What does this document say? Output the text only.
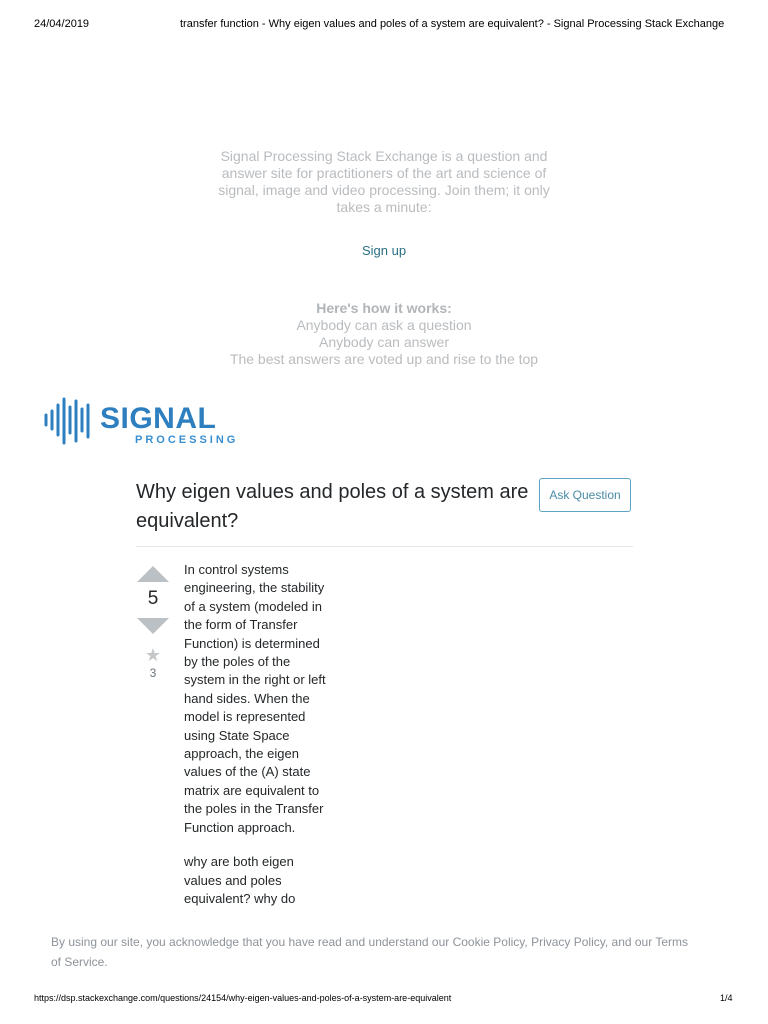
24/04/2019	transfer function - Why eigen values and poles of a system are equivalent? - Signal Processing Stack Exchange

Signal Processing Stack Exchange is a question and answer site for practitioners of the art and science of signal, image and video processing. Join them; it only takes a minute:

Sign up
Here's how it works:
Anybody can ask a question
Anybody can answer
The best answers are voted up and rise to the top
SIGNAL
PROCESSING
Why eigen values and poles of a system are equivalent?
Ask Question
5
★
3

In control systems engineering, the stability of a system (modeled in the form of Transfer Function) is determined by the poles of the system in the right or left hand sides. When the model is represented using State Space approach, the eigen values of the (A) state matrix are equivalent to the poles in the Transfer Function approach.

why are both eigen values and poles equivalent? why do

By using our site, you acknowledge that you have read and understand our Cookie Policy, Privacy Policy, and our Terms of Service.

https://dsp.stackexchange.com/questions/24154/why-eigen-values-and-poles-of-a-system-are-equivalent	1/4
